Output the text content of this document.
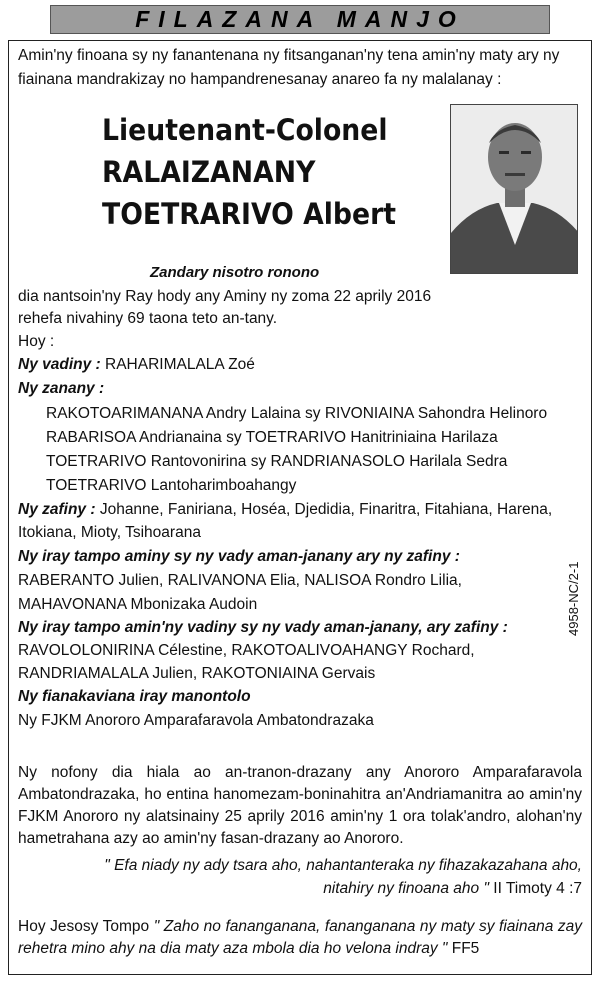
FILAZANA MANJO
Amin'ny finoana sy ny fanantenana ny fitsanganan'ny tena amin'ny maty ary ny fiainana mandrakizay no hampandrenesanay anareo fa ny malalanay :
Lieutenant-Colonel
RALAIZANANY
TOETRARIVO Albert
Zandary nisotro ronono
dia nantsoin'ny Ray hody any Aminy ny zoma 22 aprily 2016
rehefa nivahiny 69 taona teto an-tany.
Hoy :
Ny vadiny : RAHARIMALALA Zoé
Ny zanany :
RAKOTOARIMANANA Andry Lalaina sy RIVONIAINA Sahondra Helinoro
RABARISOA Andrianaina sy TOETRARIVO Hanitriniaina Harilaza
TOETRARIVO Rantovonirina sy RANDRIANASOLO Harilala Sedra
TOETRARIVO Lantoharimboahangy
Ny zafiny : Johanne, Faniriana, Hoséa, Djedidia, Finaritra, Fitahiana, Harena,
Itokiana, Mioty, Tsihoarana
Ny iray tampo aminy sy ny vady aman-janany ary ny zafiny :
RABERANTO Julien, RALIVANONA Elia, NALISOA Rondro Lilia,
MAHAVONANA Mbonizaka Audoin
Ny iray tampo amin'ny vadiny sy ny vady aman-janany, ary zafiny :
RAVOLOLONIRINA Célestine, RAKOTOALIVOAHANGY Rochard,
RANDRIAMALALA Julien, RAKOTONIAINA Gervais
Ny fianakaviana iray manontolo
Ny FJKM Anororo Amparafaravola Ambatondrazaka
4958-NC/2-1
Ny nofony dia hiala ao an-tranon-drazany any Anororo Amparafaravola Ambatondrazaka, ho entina hanomezam-boninahitra an'Andriamanitra ao amin'ny FJKM Anororo ny alatsinainy 25 aprily 2016 amin'ny 1 ora tolak'andro, alohan'ny hametrahana azy ao amin'ny fasan-drazany ao Anororo.
" Efa niady ny ady tsara aho, nahantanteraka ny fihazakazahana aho,
nitahiry ny finoana aho " II Timoty 4 :7
Hoy Jesosy Tompo " Zaho no fananganana, fananganana ny maty sy fiainana zay rehetra mino ahy na dia maty aza mbola dia ho velona indray " FF5
